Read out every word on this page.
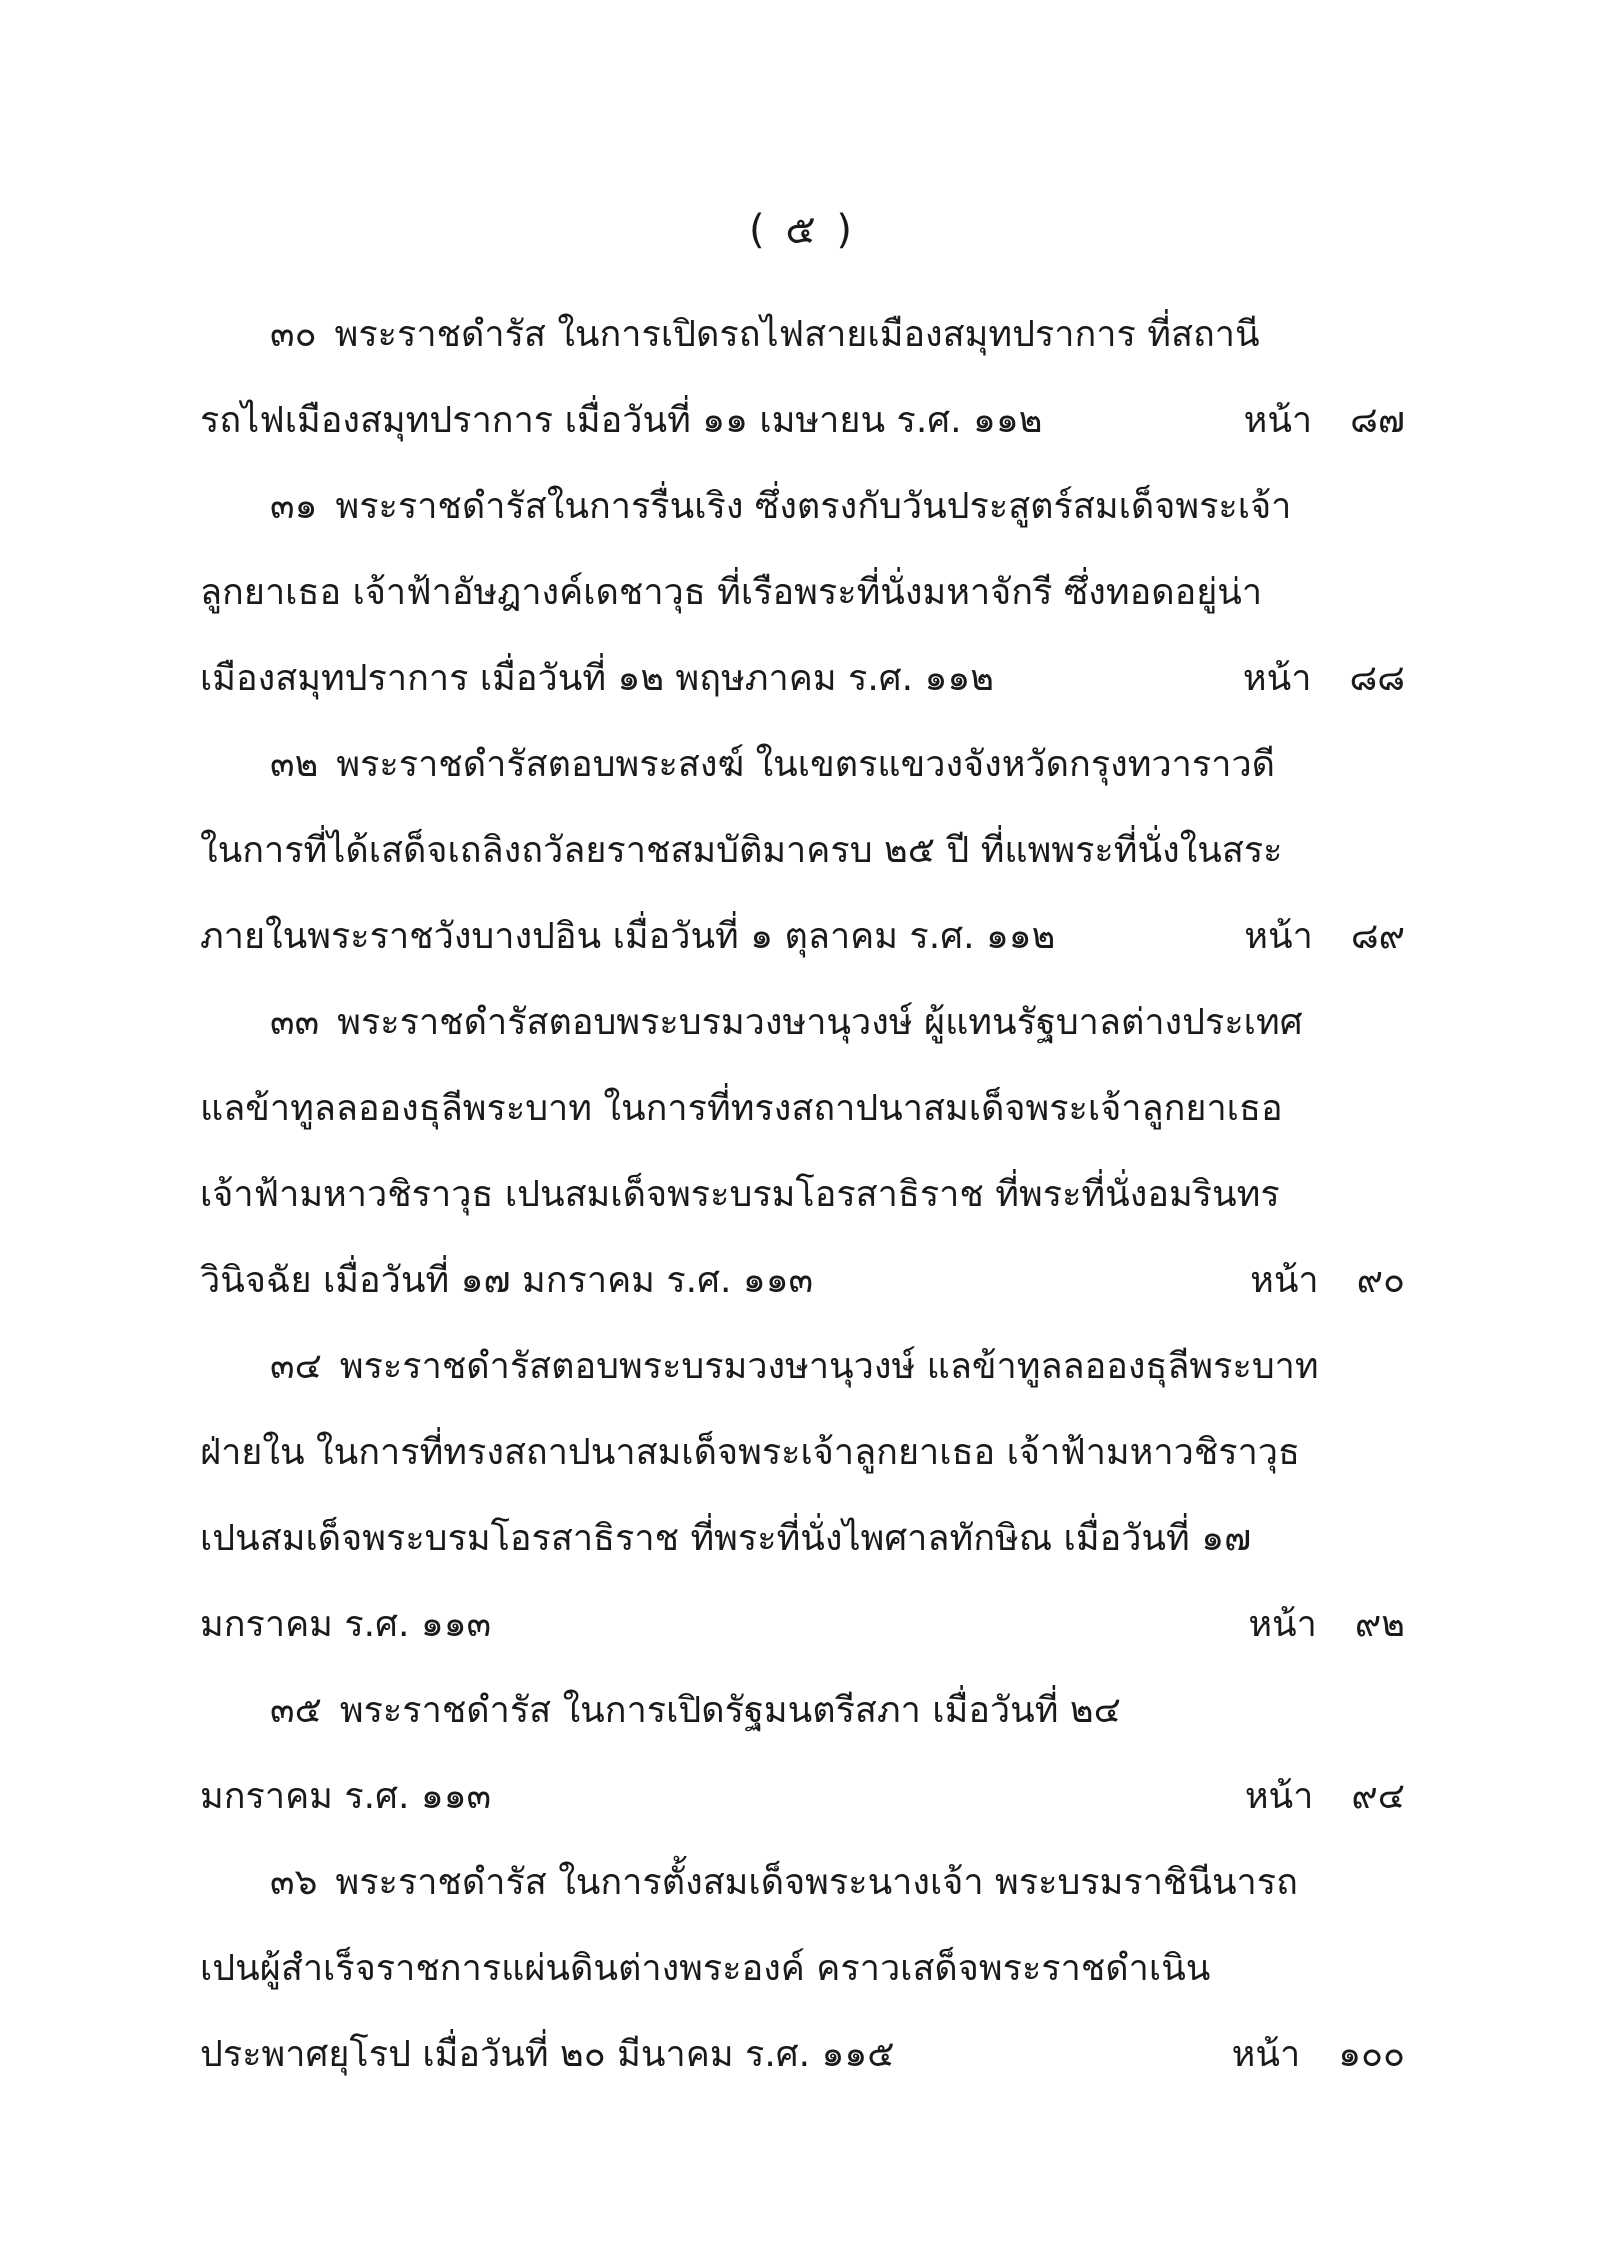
( ๕ )
๓๐ พระราชดำรัส ในการเปิดรถไฟสายเมืองสมุทปราการ ที่สถานี
รถไฟเมืองสมุทปราการ เมื่อวันที่ ๑๑ เมษายน ร.ศ. ๑๑๒	หน้า ๘๗
๓๑ พระราชดำรัสในการรื่นเริง ซึ่งตรงกับวันประสูตร์สมเด็จพระเจ้า
ลูกยาเธอ เจ้าฟ้าอัษฎางค์เดชาวุธ ที่เรือพระที่นั่งมหาจักรี ซึ่งทอดอยู่น่า
เมืองสมุทปราการ เมื่อวันที่ ๑๒ พฤษภาคม ร.ศ. ๑๑๒	หน้า ๘๘
๓๒ พระราชดำรัสตอบพระสงฆ์ ในเขตรแขวงจังหวัดกรุงทวาราวดี
ในการที่ได้เสด็จเถลิงถวัลยราชสมบัติมาครบ ๒๕ ปี ที่แพพระที่นั่งในสระ
ภายในพระราชวังบางปอิน เมื่อวันที่ ๑ ตุลาคม ร.ศ. ๑๑๒	หน้า ๘๙
๓๓ พระราชดำรัสตอบพระบรมวงษานุวงษ์ ผู้แทนรัฐบาลต่างประเทศ
แลข้าทูลลอองธุลีพระบาท ในการที่ทรงสถาปนาสมเด็จพระเจ้าลูกยาเธอ
เจ้าฟ้ามหาวชิราวุธ เปนสมเด็จพระบรมโอรสาธิราช ที่พระที่นั่งอมรินทร
วินิจฉัย เมื่อวันที่ ๑๗ มกราคม ร.ศ. ๑๑๓	หน้า ๙๐
๓๔ พระราชดำรัสตอบพระบรมวงษานุวงษ์ แลข้าทูลลอองธุลีพระบาท
ฝ่ายใน ในการที่ทรงสถาปนาสมเด็จพระเจ้าลูกยาเธอ เจ้าฟ้ามหาวชิราวุธ
เปนสมเด็จพระบรมโอรสาธิราช ที่พระที่นั่งไพศาลทักษิณ เมื่อวันที่ ๑๗
มกราคม ร.ศ. ๑๑๓	หน้า ๙๒
๓๕ พระราชดำรัส ในการเปิดรัฐมนตรีสภา เมื่อวันที่ ๒๔
มกราคม ร.ศ. ๑๑๓	หน้า ๙๔
๓๖ พระราชดำรัส ในการตั้งสมเด็จพระนางเจ้า พระบรมราชินีนารถ
เปนผู้สำเร็จราชการแผ่นดินต่างพระองค์ คราวเสด็จพระราชดำเนิน
ประพาศยุโรป เมื่อวันที่ ๒๐ มีนาคม ร.ศ. ๑๑๕	หน้า ๑๐๐
